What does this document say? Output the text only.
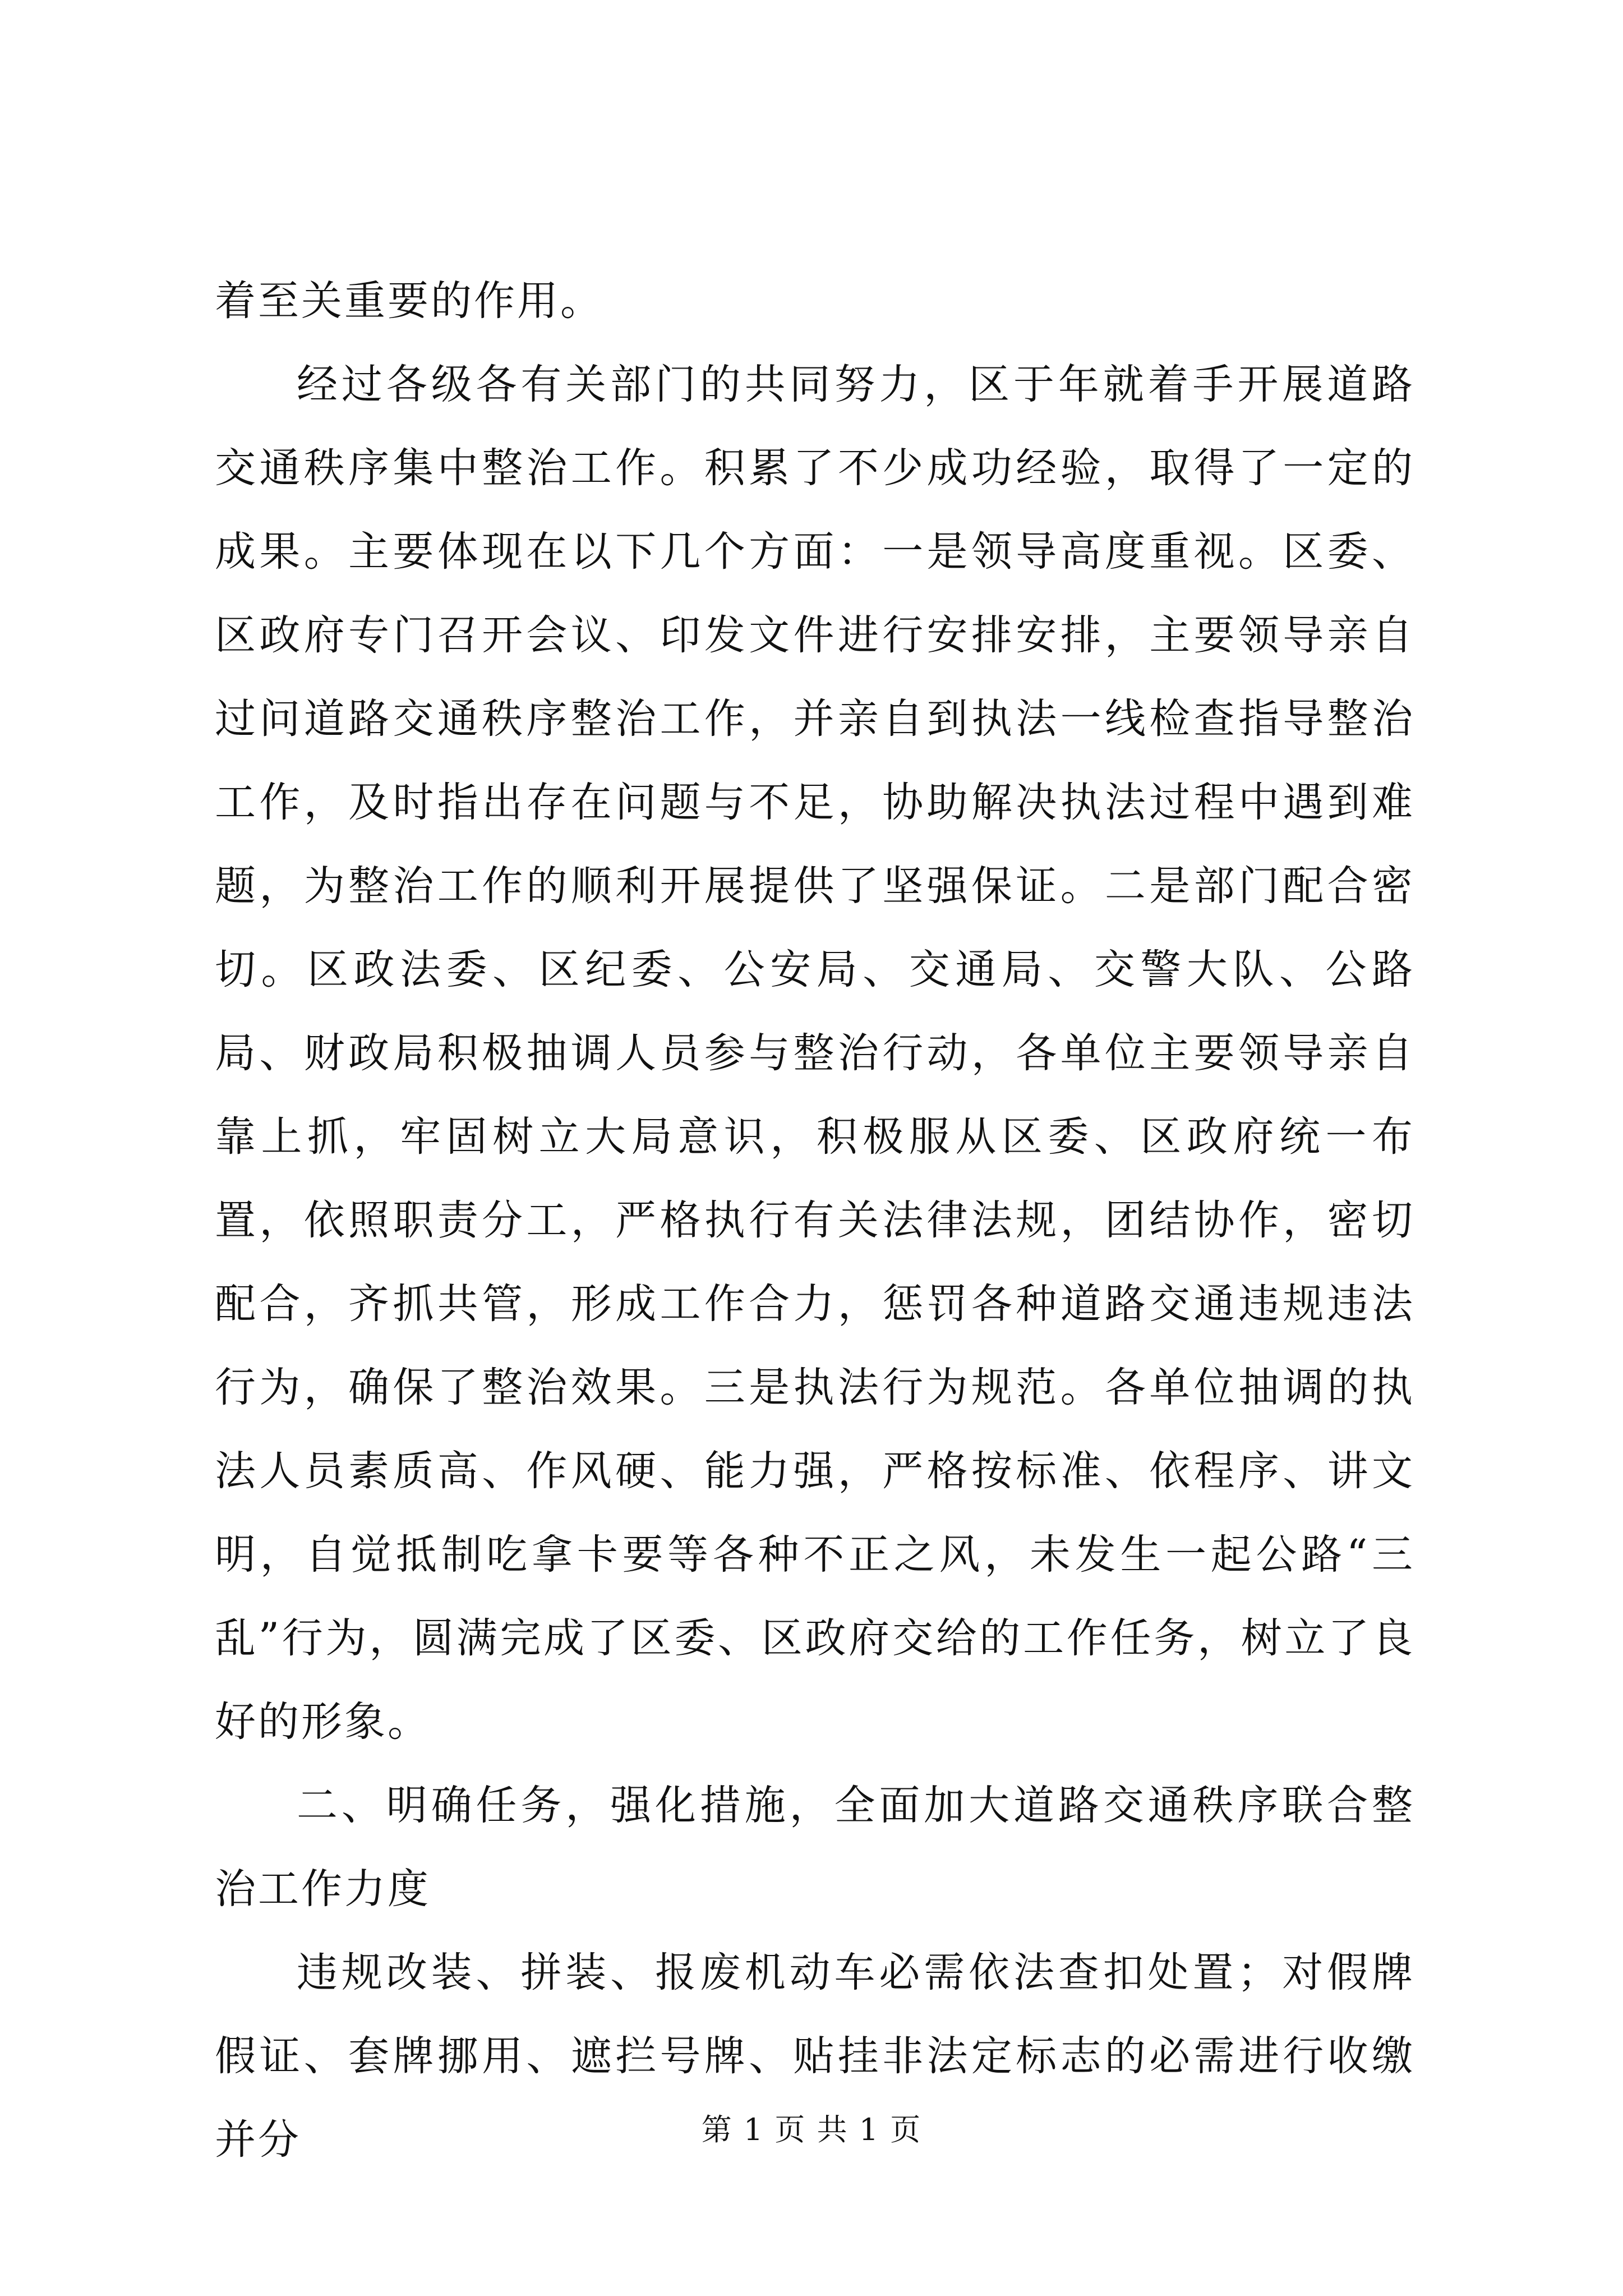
着至关重要的作用。

经过各级各有关部门的共同努力，区于年就着手开展道路交通秩序集中整治工作。积累了不少成功经验，取得了一定的成果。主要体现在以下几个方面：一是领导高度重视。区委、区政府专门召开会议、印发文件进行安排安排，主要领导亲自过问道路交通秩序整治工作，并亲自到执法一线检查指导整治工作，及时指出存在问题与不足，协助解决执法过程中遇到难题，为整治工作的顺利开展提供了坚强保证。二是部门配合密切。区政法委、区纪委、公安局、交通局、交警大队、公路局、财政局积极抽调人员参与整治行动，各单位主要领导亲自靠上抓，牢固树立大局意识，积极服从区委、区政府统一布置，依照职责分工，严格执行有关法律法规，团结协作，密切配合，齐抓共管，形成工作合力，惩罚各种道路交通违规违法行为，确保了整治效果。三是执法行为规范。各单位抽调的执法人员素质高、作风硬、能力强，严格按标准、依程序、讲文明，自觉抵制吃拿卡要等各种不正之风，未发生一起公路“三乱”行为，圆满完成了区委、区政府交给的工作任务，树立了良好的形象。

二、明确任务，强化措施，全面加大道路交通秩序联合整治工作力度

违规改装、拼装、报废机动车必需依法查扣处置；对假牌假证、套牌挪用、遮拦号牌、贴挂非法定标志的必需进行收缴并分	第 1 页 共 1 页
